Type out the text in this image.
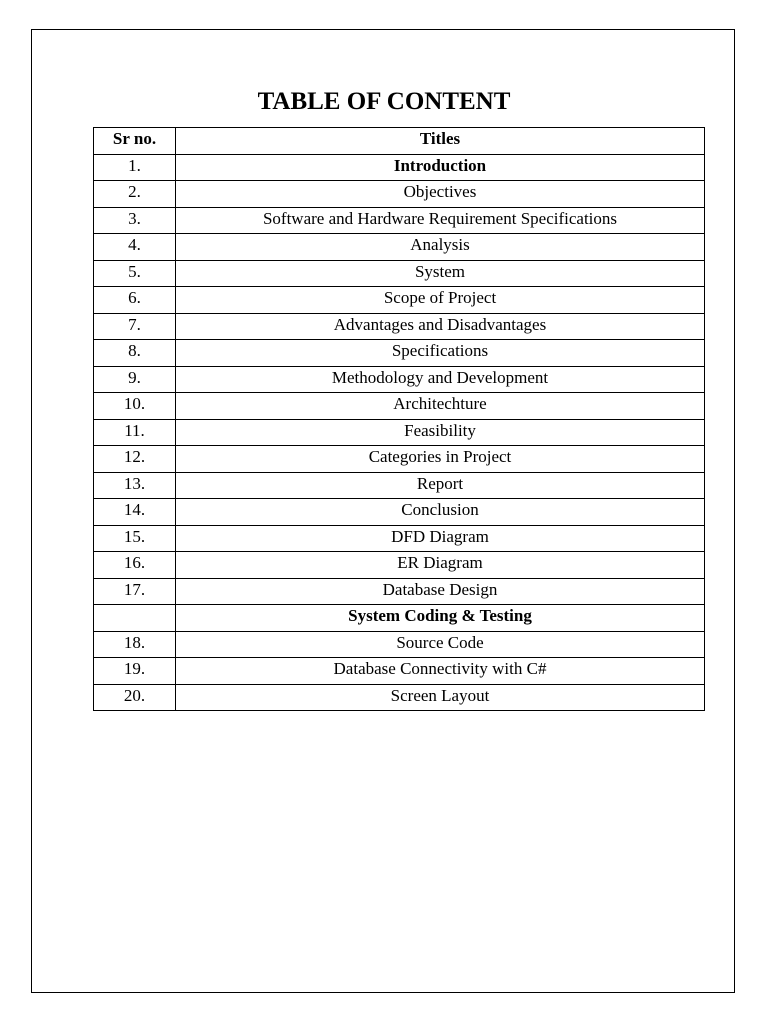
TABLE OF CONTENT
Sr no.	Titles
1.	Introduction
2.	Objectives
3.	Software and Hardware Requirement Specifications
4.	Analysis
5.	System
6.	Scope of Project
7.	Advantages and Disadvantages
8.	Specifications
9.	Methodology and Development
10.	Architechture
11.	Feasibility
12.	Categories in Project
13.	Report
14.	Conclusion
15.	DFD Diagram
16.	ER Diagram
17.	Database Design
	System Coding & Testing
18.	Source Code
19.	Database Connectivity with C#
20.	Screen Layout
